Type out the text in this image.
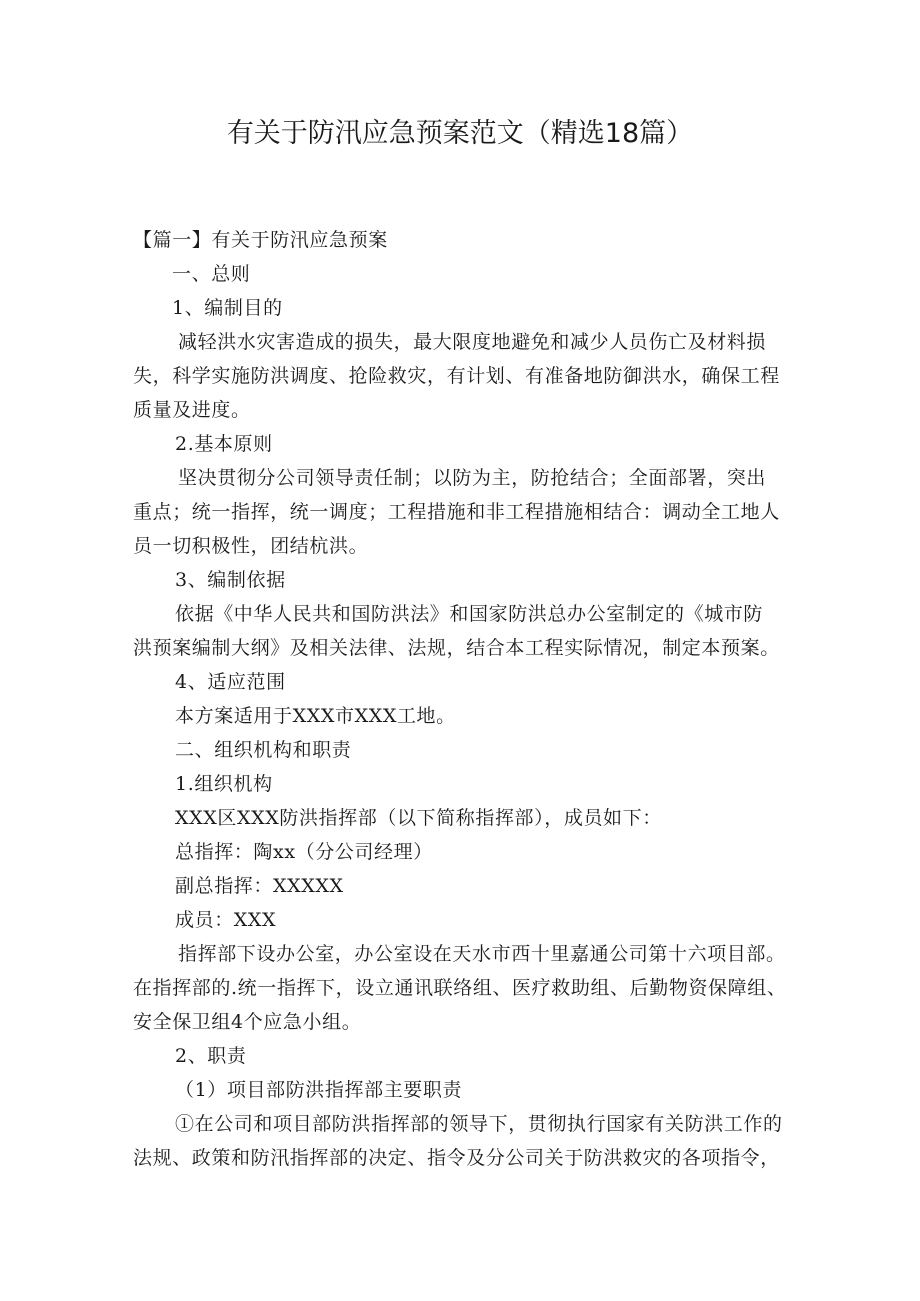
有关于防汛应急预案范文（精选18篇）
【篇一】有关于防汛应急预案
一、总则
1、编制目的
减轻洪水灾害造成的损失，最大限度地避免和减少人员伤亡及材料损
失，科学实施防洪调度、抢险救灾，有计划、有准备地防御洪水，确保工程
质量及进度。
2.基本原则
坚决贯彻分公司领导责任制；以防为主，防抢结合；全面部署，突出
重点；统一指挥，统一调度；工程措施和非工程措施相结合：调动全工地人
员一切积极性，团结杭洪。
3、编制依据
依据《中华人民共和国防洪法》和国家防洪总办公室制定的《城市防
洪预案编制大纲》及相关法律、法规，结合本工程实际情况，制定本预案。
4、适应范围
本方案适用于XXX市XXX工地。
二、组织机构和职责
1.组织机构
XXX区XXX防洪指挥部（以下简称指挥部），成员如下：
总指挥：陶xx（分公司经理）
副总指挥：XXXXX
成员：XXX
指挥部下设办公室，办公室设在天水市西十里嘉通公司第十六项目部。
在指挥部的.统一指挥下，设立通讯联络组、医疗救助组、后勤物资保障组、
安全保卫组4个应急小组。
2、职责
（1）项目部防洪指挥部主要职责
①在公司和项目部防洪指挥部的领导下，贯彻执行国家有关防洪工作的
法规、政策和防汛指挥部的决定、指令及分公司关于防洪救灾的各项指令，
